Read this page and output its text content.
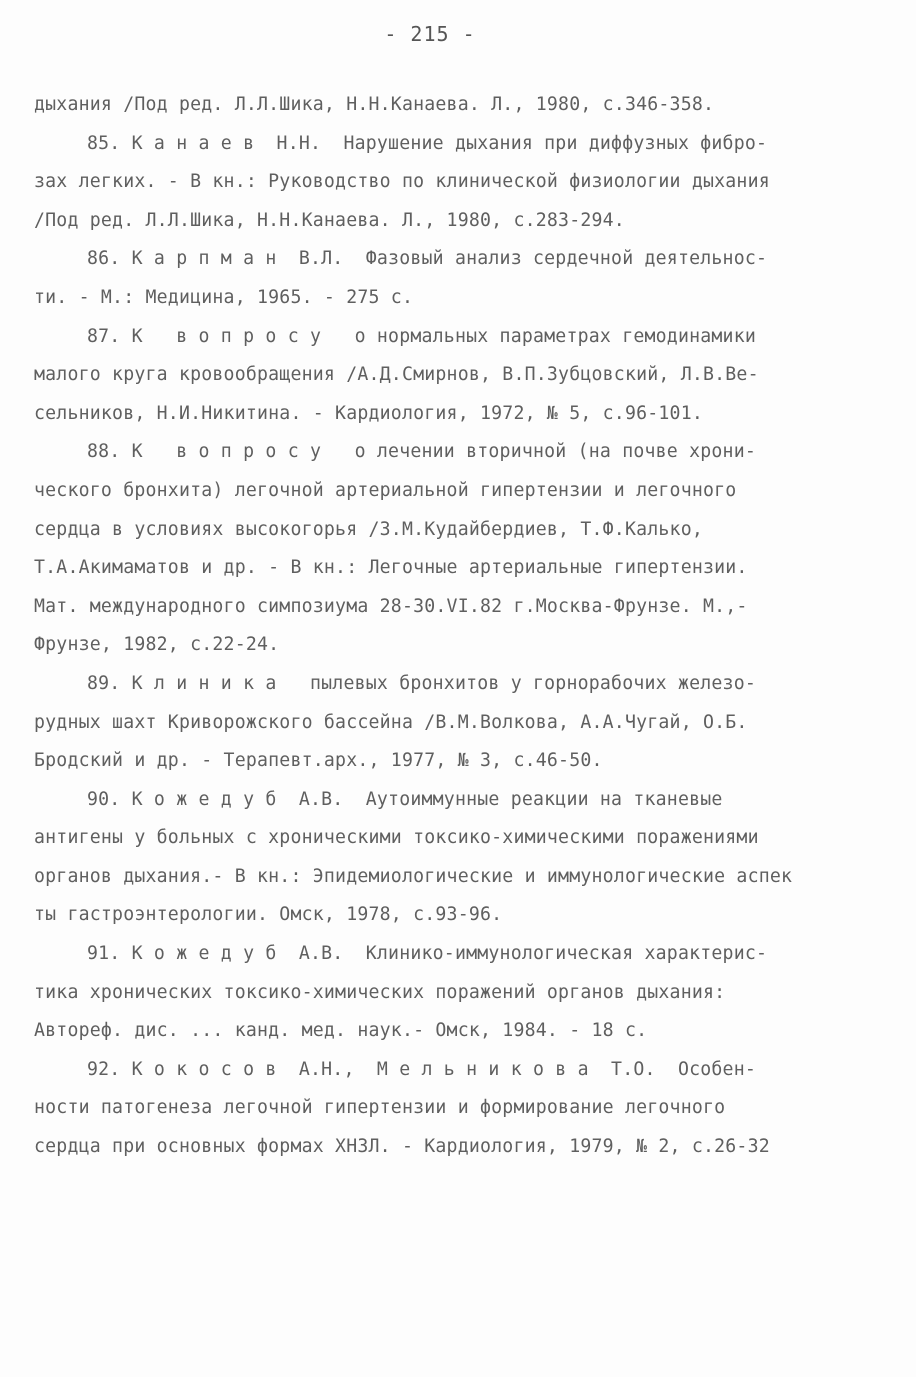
- 215 -
дыхания /Под ред. Л.Л.Шика, Н.Н.Канаева. Л., 1980, с.346-358.
85. К а н а е в  Н.Н.  Нарушение дыхания при диффузных фибро-
зах легких. - В кн.: Руководство по клинической физиологии дыхания
/Под ред. Л.Л.Шика, Н.Н.Канаева. Л., 1980, с.283-294.
86. К а р п м а н  В.Л.  Фазовый анализ сердечной деятельнос-
ти. - М.: Медицина, 1965. - 275 с.
87. К   в о п р о с у   о нормальных параметрах гемодинамики
малого круга кровообращения /А.Д.Смирнов, В.П.Зубцовский, Л.В.Ве-
сельников, Н.И.Никитина. - Кардиология, 1972, № 5, с.96-101.
88. К   в о п р о с у   о лечении вторичной (на почве хрони-
ческого бронхита) легочной артериальной гипертензии и легочного
сердца в условиях высокогорья /З.М.Кудайбердиев, Т.Ф.Калько,
Т.А.Акимаматов и др. - В кн.: Легочные артериальные гипертензии.
Мат. международного симпозиума 28-30.VI.82 г.Москва-Фрунзе. М.,-
Фрунзе, 1982, с.22-24.
89. К л и н и к а   пылевых бронхитов у горнорабочих железо-
рудных шахт Криворожского бассейна /В.М.Волкова, А.А.Чугай, О.Б.
Бродский и др. - Терапевт.арх., 1977, № 3, с.46-50.
90. К о ж е д у б  А.В.  Аутоиммунные реакции на тканевые
антигены у больных с хроническими токсико-химическими поражениями
органов дыхания.- В кн.: Эпидемиологические и иммунологические аспек
ты гастроэнтерологии. Омск, 1978, с.93-96.
91. К о ж е д у б  А.В.  Клинико-иммунологическая характерис-
тика хронических токсико-химических поражений органов дыхания:
Автореф. дис. ... канд. мед. наук.- Омск, 1984. - 18 с.
92. К о к о с о в  А.Н.,  М е л ь н и к о в а  Т.О.  Особен-
ности патогенеза легочной гипертензии и формирование легочного
сердца при основных формах ХНЗЛ. - Кардиология, 1979, № 2, с.26-32
